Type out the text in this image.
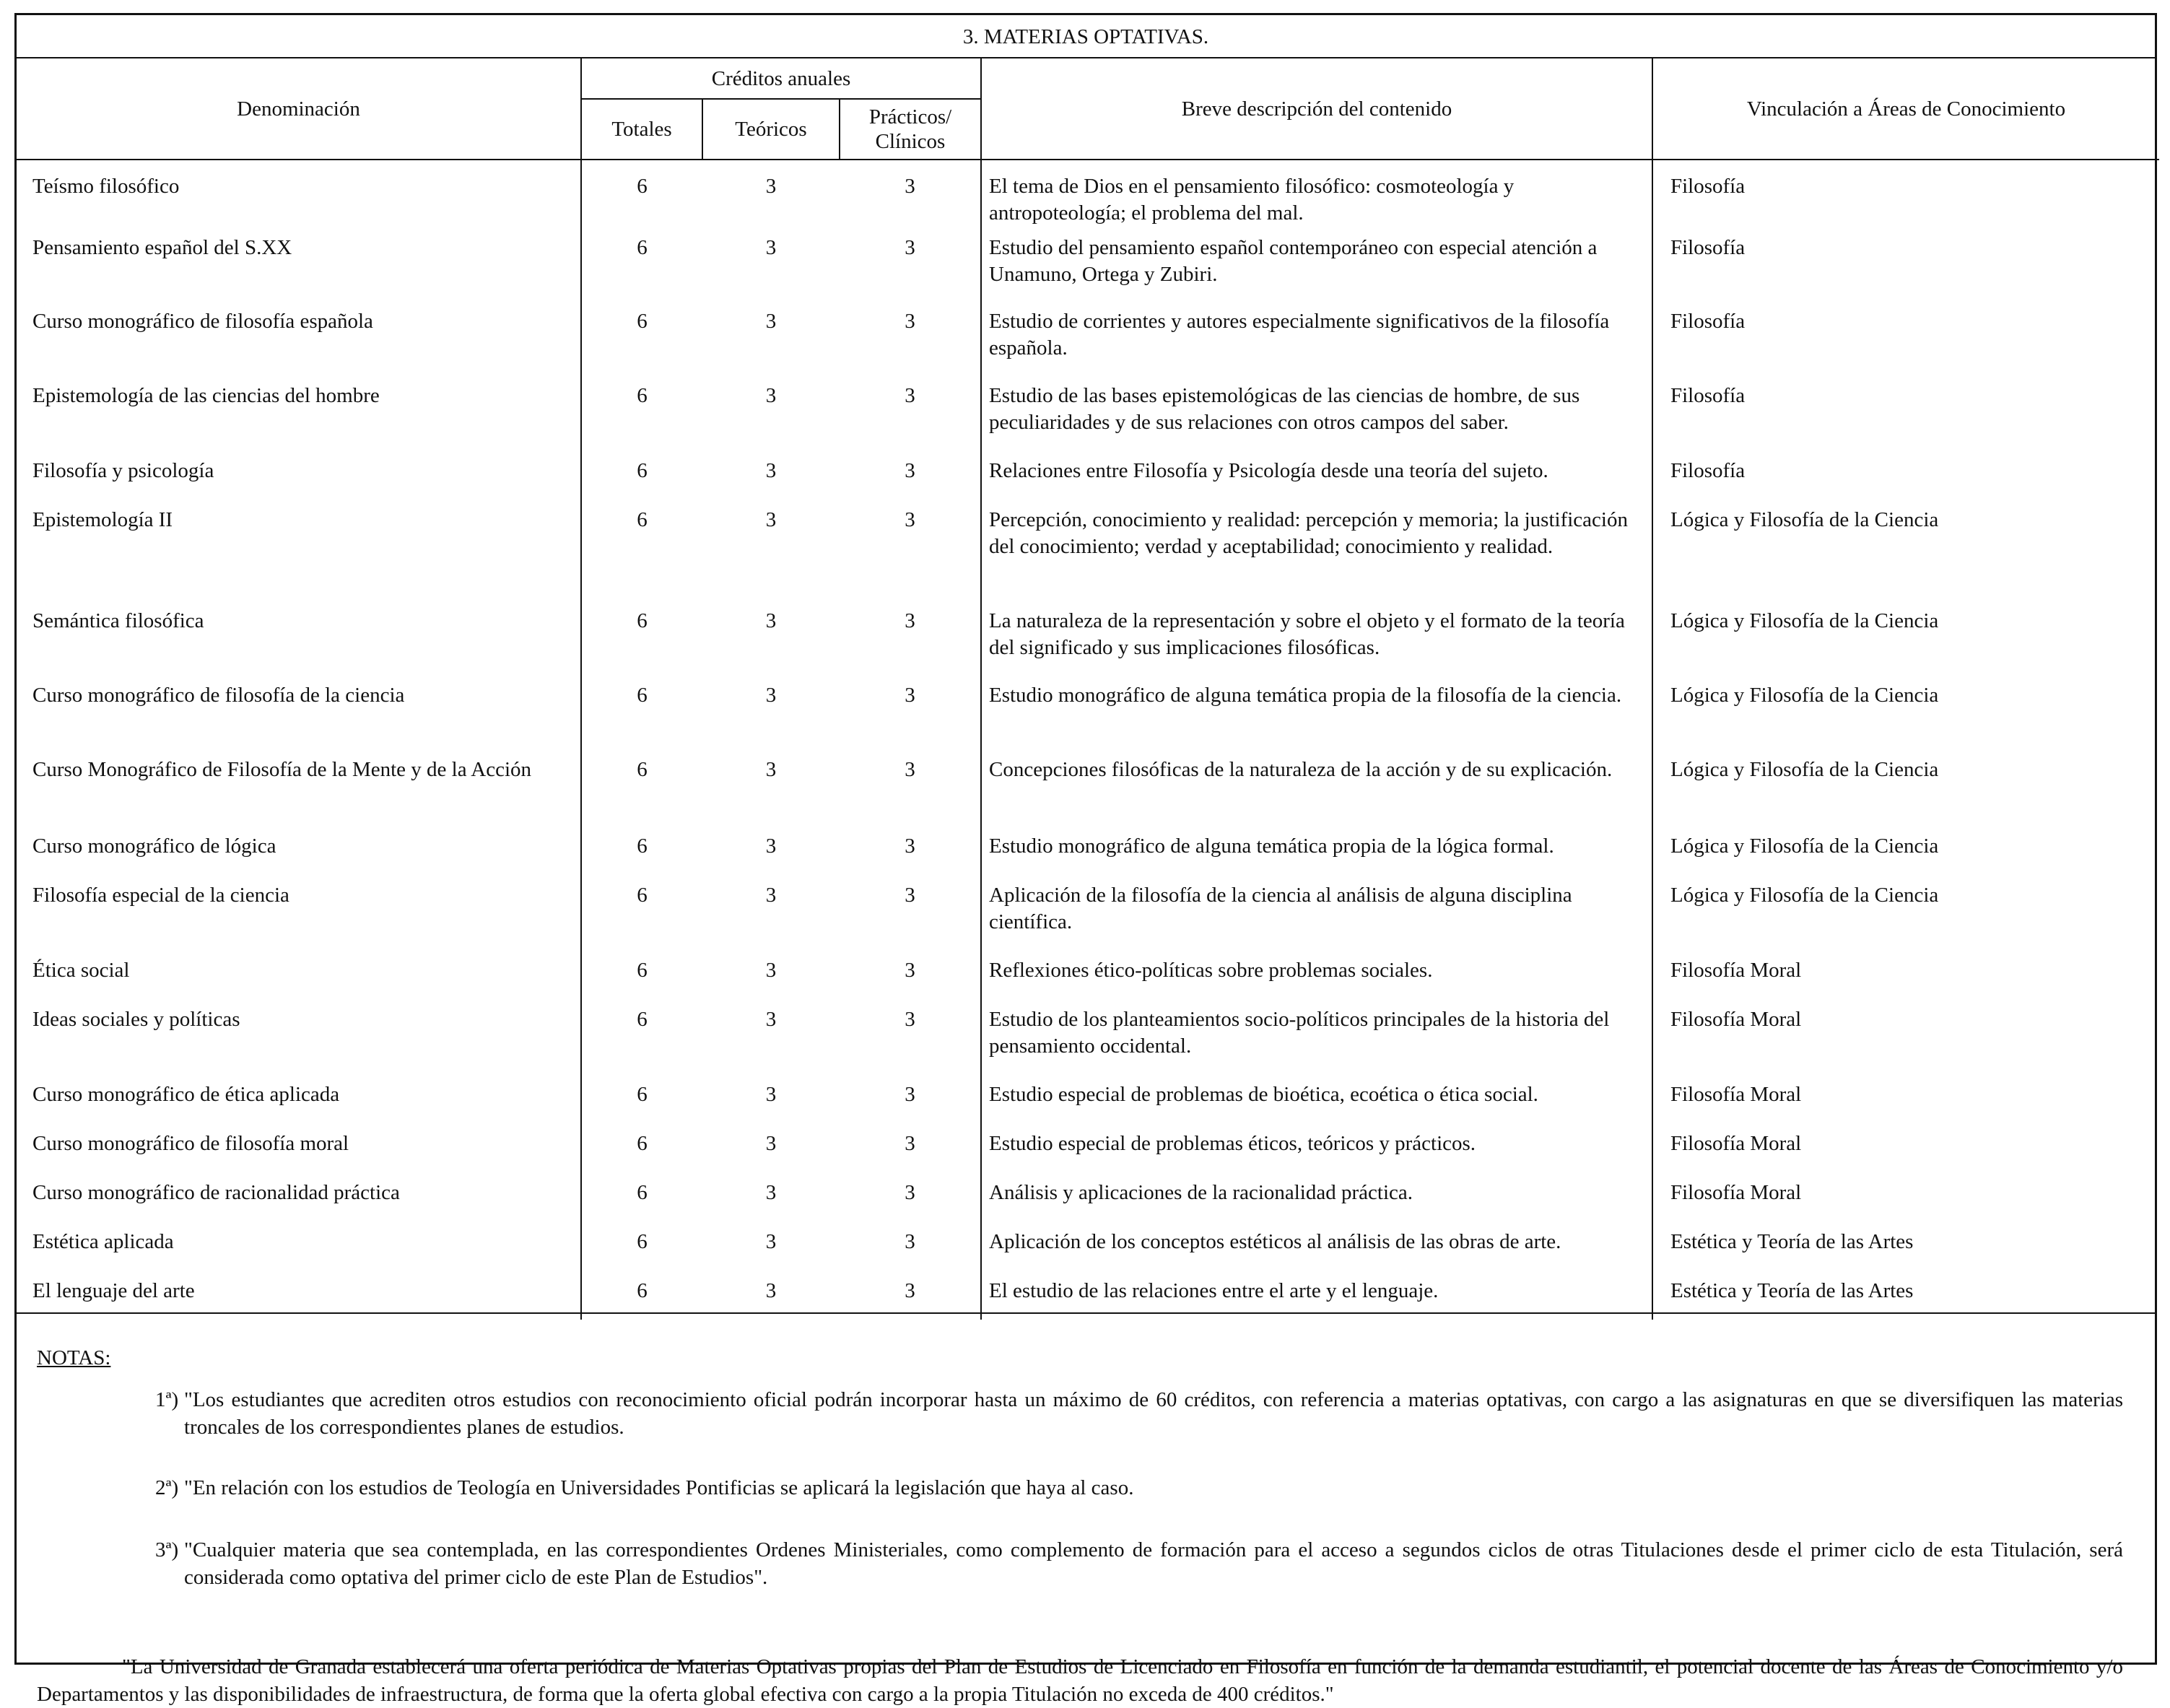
3. MATERIAS OPTATIVAS.
Denominación	Créditos anuales			Breve descripción del contenido	Vinculación a Áreas de Conocimiento
	Totales	Teóricos	Prácticos/ Clínicos		
Teísmo filosófico	6	3	3	El tema de Dios en el pensamiento filosófico: cosmoteología y antropoteología; el problema del mal.	Filosofía
Pensamiento español del S.XX	6	3	3	Estudio del pensamiento español contemporáneo con especial atención a Unamuno, Ortega y Zubiri.	Filosofía
Curso monográfico de filosofía española	6	3	3	Estudio de corrientes y autores especialmente significativos de la filosofía española.	Filosofía
Epistemología de las ciencias del hombre	6	3	3	Estudio de las bases epistemológicas de las ciencias de hombre, de sus peculiaridades y de sus relaciones con otros campos del saber.	Filosofía
Filosofía y psicología	6	3	3	Relaciones entre Filosofía y Psicología desde una teoría del sujeto.	Filosofía
Epistemología II	6	3	3	Percepción, conocimiento y realidad: percepción y memoria; la justificación del conocimiento; verdad y aceptabilidad; conocimiento y realidad.	Lógica y Filosofía de la Ciencia
Semántica filosófica	6	3	3	La naturaleza de la representación y sobre el objeto y el formato de la teoría del significado y sus implicaciones filosóficas.	Lógica y Filosofía de la Ciencia
Curso monográfico de filosofía de la ciencia	6	3	3	Estudio monográfico de alguna temática propia de la filosofía de la ciencia.	Lógica y Filosofía de la Ciencia
Curso Monográfico de Filosofía de la Mente y de la Acción	6	3	3	Concepciones filosóficas de la naturaleza de la acción y de su explicación.	Lógica y Filosofía de la Ciencia
Curso monográfico de lógica	6	3	3	Estudio monográfico de alguna temática propia de la lógica formal.	Lógica y Filosofía de la Ciencia
Filosofía especial de la ciencia	6	3	3	Aplicación de la filosofía de la ciencia al análisis de alguna disciplina científica.	Lógica y Filosofía de la Ciencia
Ética social	6	3	3	Reflexiones ético-políticas sobre problemas sociales.	Filosofía Moral
Ideas sociales y políticas	6	3	3	Estudio de los planteamientos socio-políticos principales de la historia del pensamiento occidental.	Filosofía Moral
Curso monográfico de ética aplicada	6	3	3	Estudio especial de problemas de bioética, ecoética o ética social.	Filosofía Moral
Curso monográfico de filosofía moral	6	3	3	Estudio especial de problemas éticos, teóricos y prácticos.	Filosofía Moral
Curso monográfico de racionalidad práctica	6	3	3	Análisis y aplicaciones de la racionalidad práctica.	Filosofía Moral
Estética aplicada	6	3	3	Aplicación de los conceptos estéticos al análisis de las obras de arte.	Estética y Teoría de las Artes
El lenguaje del arte	6	3	3	El estudio de las relaciones entre el arte y el lenguaje.	Estética y Teoría de las Artes
NOTAS:
1ª) "Los estudiantes que acrediten otros estudios con reconocimiento oficial podrán incorporar hasta un máximo de 60 créditos, con referencia a materias optativas, con cargo a las asignaturas en que se diversifiquen las materias troncales de los correspondientes planes de estudios.
2ª) "En relación con los estudios de Teología en Universidades Pontificias se aplicará la legislación que haya al caso.
3ª) "Cualquier materia que sea contemplada, en las correspondientes Ordenes Ministeriales, como complemento de formación para el acceso a segundos ciclos de otras Titulaciones desde el primer ciclo de esta Titulación, será considerada como optativa del primer ciclo de este Plan de Estudios".
"La Universidad de Granada establecerá una oferta periódica de Materias Optativas propias del Plan de Estudios de Licenciado en Filosofía en función de la demanda estudiantil, el potencial docente de las Áreas de Conocimiento y/o Departamentos y las disponibilidades de infraestructura, de forma que la oferta global efectiva con cargo a la propia Titulación no exceda de 400 créditos."
